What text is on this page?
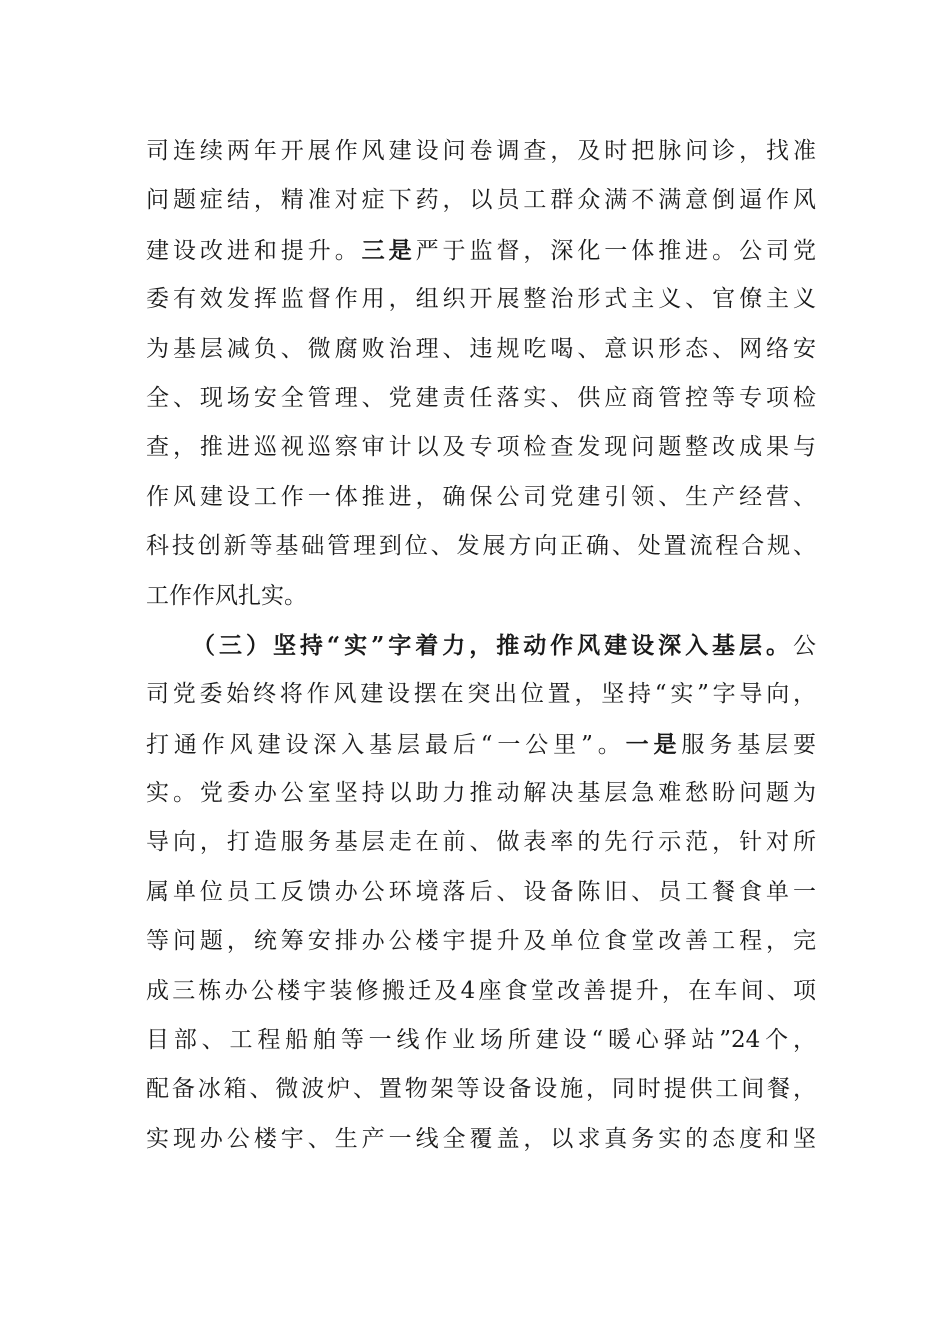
司连续两年开展作风建设问卷调查，及时把脉问诊，找准
问题症结，精准对症下药，以员工群众满不满意倒逼作风
建设改进和提升。三是严于监督，深化一体推进。公司党
委有效发挥监督作用，组织开展整治形式主义、官僚主义
为基层减负、微腐败治理、违规吃喝、意识形态、网络安
全、现场安全管理、党建责任落实、供应商管控等专项检
查，推进巡视巡察审计以及专项检查发现问题整改成果与
作风建设工作一体推进，确保公司党建引领、生产经营、
科技创新等基础管理到位、发展方向正确、处置流程合规、
工作作风扎实。
（三）坚持“实”字着力，推动作风建设深入基层。公
司党委始终将作风建设摆在突出位置，坚持“实”字导向，
打通作风建设深入基层最后“一公里”。一是服务基层要
实。党委办公室坚持以助力推动解决基层急难愁盼问题为
导向，打造服务基层走在前、做表率的先行示范，针对所
属单位员工反馈办公环境落后、设备陈旧、员工餐食单一
等问题，统筹安排办公楼宇提升及单位食堂改善工程，完
成三栋办公楼宇装修搬迁及4座食堂改善提升，在车间、项
目部、工程船舶等一线作业场所建设“暖心驿站”24个，
配备冰箱、微波炉、置物架等设备设施，同时提供工间餐，
实现办公楼宇、生产一线全覆盖，以求真务实的态度和坚
